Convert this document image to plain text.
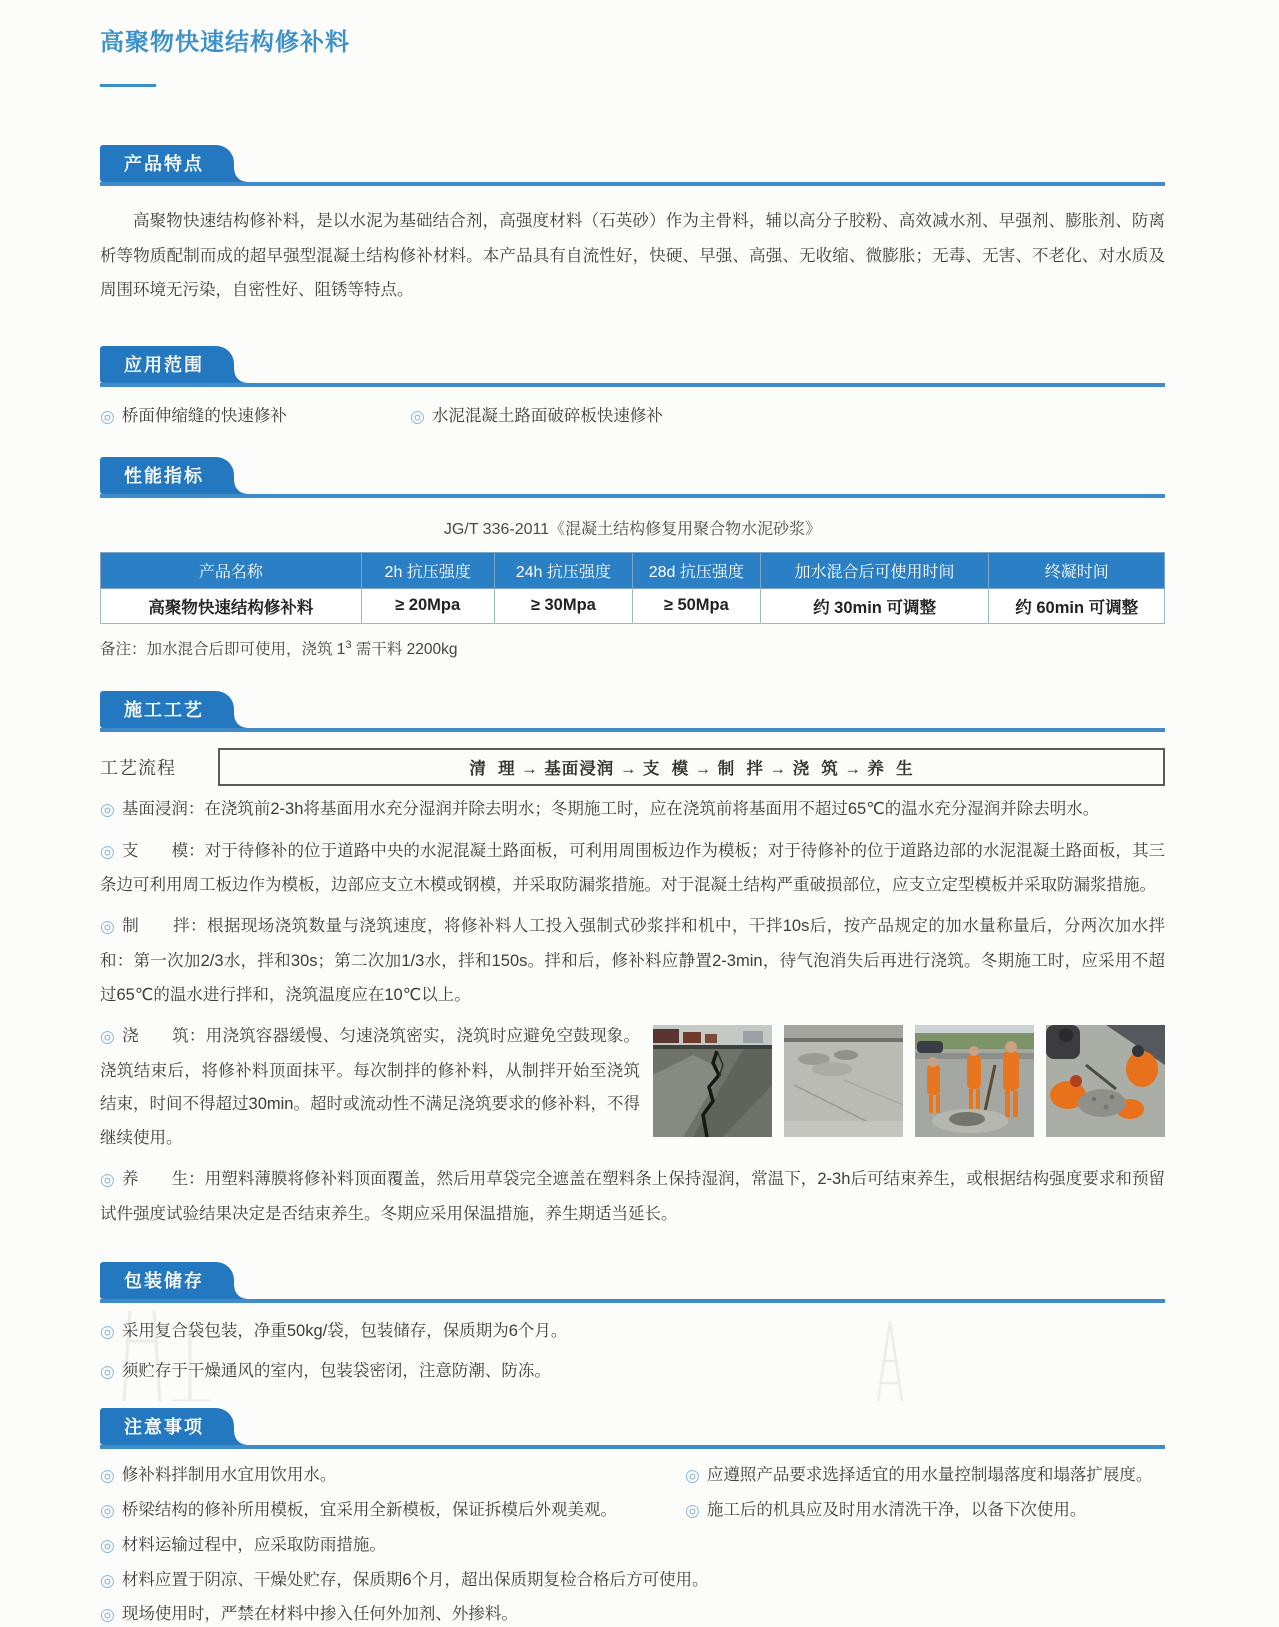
高聚物快速结构修补料
产品特点

高聚物快速结构修补料，是以水泥为基础结合剂，高强度材料（石英砂）作为主骨料，辅以高分子胶粉、高效减水剂、早强剂、膨胀剂、防离析等物质配制而成的超早强型混凝土结构修补材料。本产品具有自流性好，快硬、早强、高强、无收缩、微膨胀；无毒、无害、不老化、对水质及周围环境无污染，自密性好、阻锈等特点。

应用范围
◎ 桥面伸缩缝的快速修补	◎ 水泥混凝土路面破碎板快速修补
性能指标
JG/T 336-2011《混凝土结构修复用聚合物水泥砂浆》
产品名称	2h 抗压强度	24h 抗压强度	28d 抗压强度	加水混合后可使用时间	终凝时间
高聚物快速结构修补料	≥ 20Mpa	≥ 30Mpa	≥ 50Mpa	约 30min 可调整	约 60min 可调整
备注：加水混合后即可使用，浇筑 $1^3$ 需干料 2200kg
施工工艺
工艺流程	清  理 → 基面浸润 → 支  模 → 制  拌 → 浇  筑 → 养  生

◎ 基面浸润：在浇筑前2-3h将基面用水充分湿润并除去明水；冬期施工时，应在浇筑前将基面用不超过65℃的温水充分湿润并除去明水。

◎ 支　　模：对于待修补的位于道路中央的水泥混凝土路面板，可利用周围板边作为模板；对于待修补的位于道路边部的水泥混凝土路面板，其三条边可利用周工板边作为模板，边部应支立木模或钢模，并采取防漏浆措施。对于混凝土结构严重破损部位，应支立定型模板并采取防漏浆措施。

◎ 制　　拌：根据现场浇筑数量与浇筑速度，将修补料人工投入强制式砂浆拌和机中，干拌10s后，按产品规定的加水量称量后，分两次加水拌和：第一次加2/3水，拌和30s；第二次加1/3水，拌和150s。拌和后，修补料应静置2-3min，待气泡消失后再进行浇筑。冬期施工时，应采用不超过65℃的温水进行拌和，浇筑温度应在10℃以上。

◎ 浇　　筑：用浇筑容器缓慢、匀速浇筑密实，浇筑时应避免空鼓现象。浇筑结束后，将修补料顶面抹平。每次制拌的修补料，从制拌开始至浇筑结束，时间不得超过30min。超时或流动性不满足浇筑要求的修补料，不得继续使用。

◎ 养　　生：用塑料薄膜将修补料顶面覆盖，然后用草袋完全遮盖在塑料条上保持湿润，常温下，2-3h后可结束养生，或根据结构强度要求和预留试件强度试验结果决定是否结束养生。冬期应采用保温措施，养生期适当延长。

包装储存
◎ 采用复合袋包装，净重50kg/袋，包装储存，保质期为6个月。
◎ 须贮存于干燥通风的室内，包装袋密闭，注意防潮、防冻。
注意事项
◎ 修补料拌制用水宜用饮用水。	◎ 应遵照产品要求选择适宜的用水量控制塌落度和塌落扩展度。
◎ 桥梁结构的修补所用模板，宜采用全新模板，保证拆模后外观美观。	◎ 施工后的机具应及时用水清洗干净，以备下次使用。
◎ 材料运输过程中，应采取防雨措施。
◎ 材料应置于阴凉、干燥处贮存，保质期6个月，超出保质期复检合格后方可使用。
◎ 现场使用时，严禁在材料中掺入任何外加剂、外掺料。
